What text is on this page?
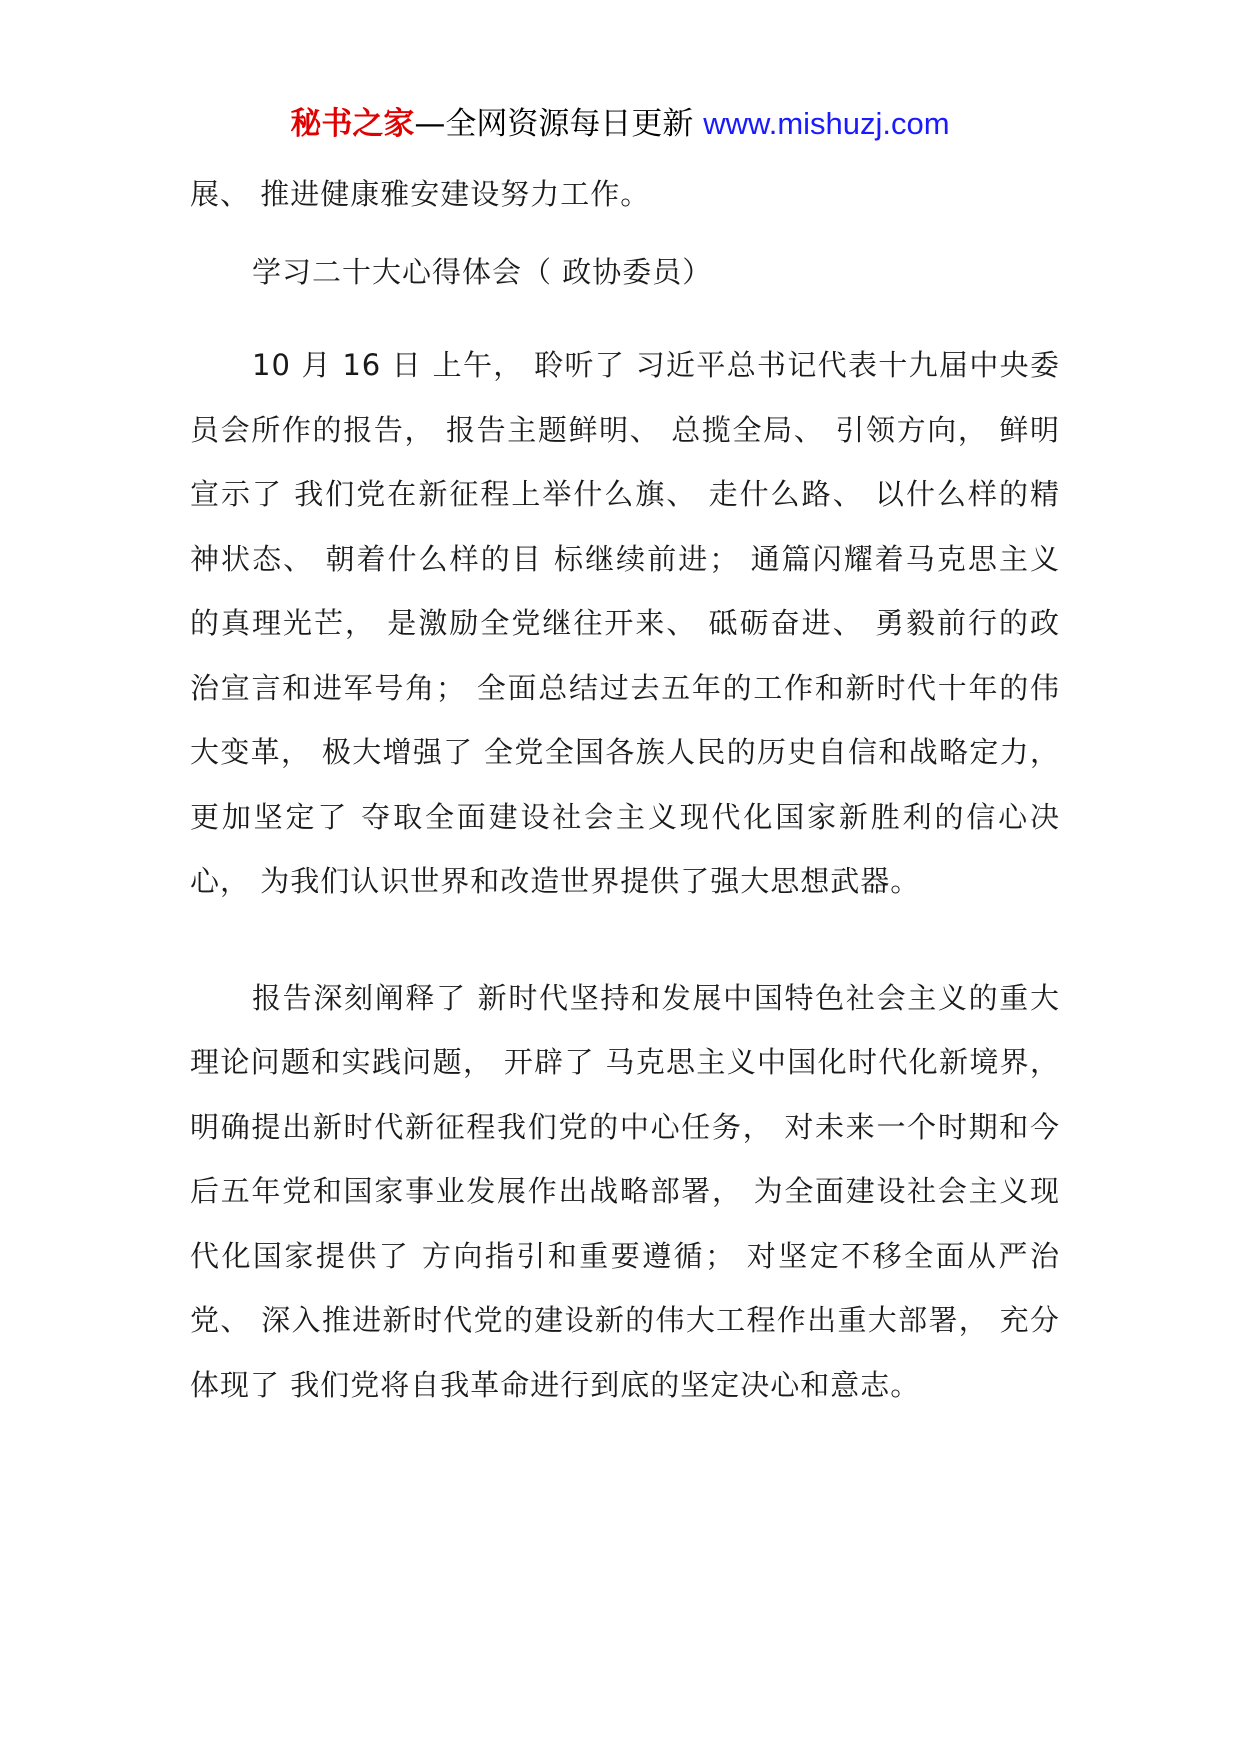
秘书之家—全网资源每日更新 www.mishuzj.com

展、 推进健康雅安建设努力工作。

学习二十大心得体会（ 政协委员）

10 月 16 日 上午， 聆听了 习近平总书记代表十九届中央委员会所作的报告， 报告主题鲜明、 总揽全局、 引领方向， 鲜明宣示了 我们党在新征程上举什么旗、 走什么路、 以什么样的精神状态、 朝着什么样的目 标继续前进； 通篇闪耀着马克思主义的真理光芒， 是激励全党继往开来、 砥砺奋进、 勇毅前行的政治宣言和进军号角； 全面总结过去五年的工作和新时代十年的伟大变革， 极大增强了 全党全国各族人民的历史自信和战略定力， 更加坚定了 夺取全面建设社会主义现代化国家新胜利的信心决心， 为我们认识世界和改造世界提供了强大思想武器。

报告深刻阐释了 新时代坚持和发展中国特色社会主义的重大理论问题和实践问题， 开辟了 马克思主义中国化时代化新境界， 明确提出新时代新征程我们党的中心任务， 对未来一个时期和今后五年党和国家事业发展作出战略部署， 为全面建设社会主义现代化国家提供了 方向指引和重要遵循； 对坚定不移全面从严治党、 深入推进新时代党的建设新的伟大工程作出重大部署， 充分体现了 我们党将自我革命进行到底的坚定决心和意志。
